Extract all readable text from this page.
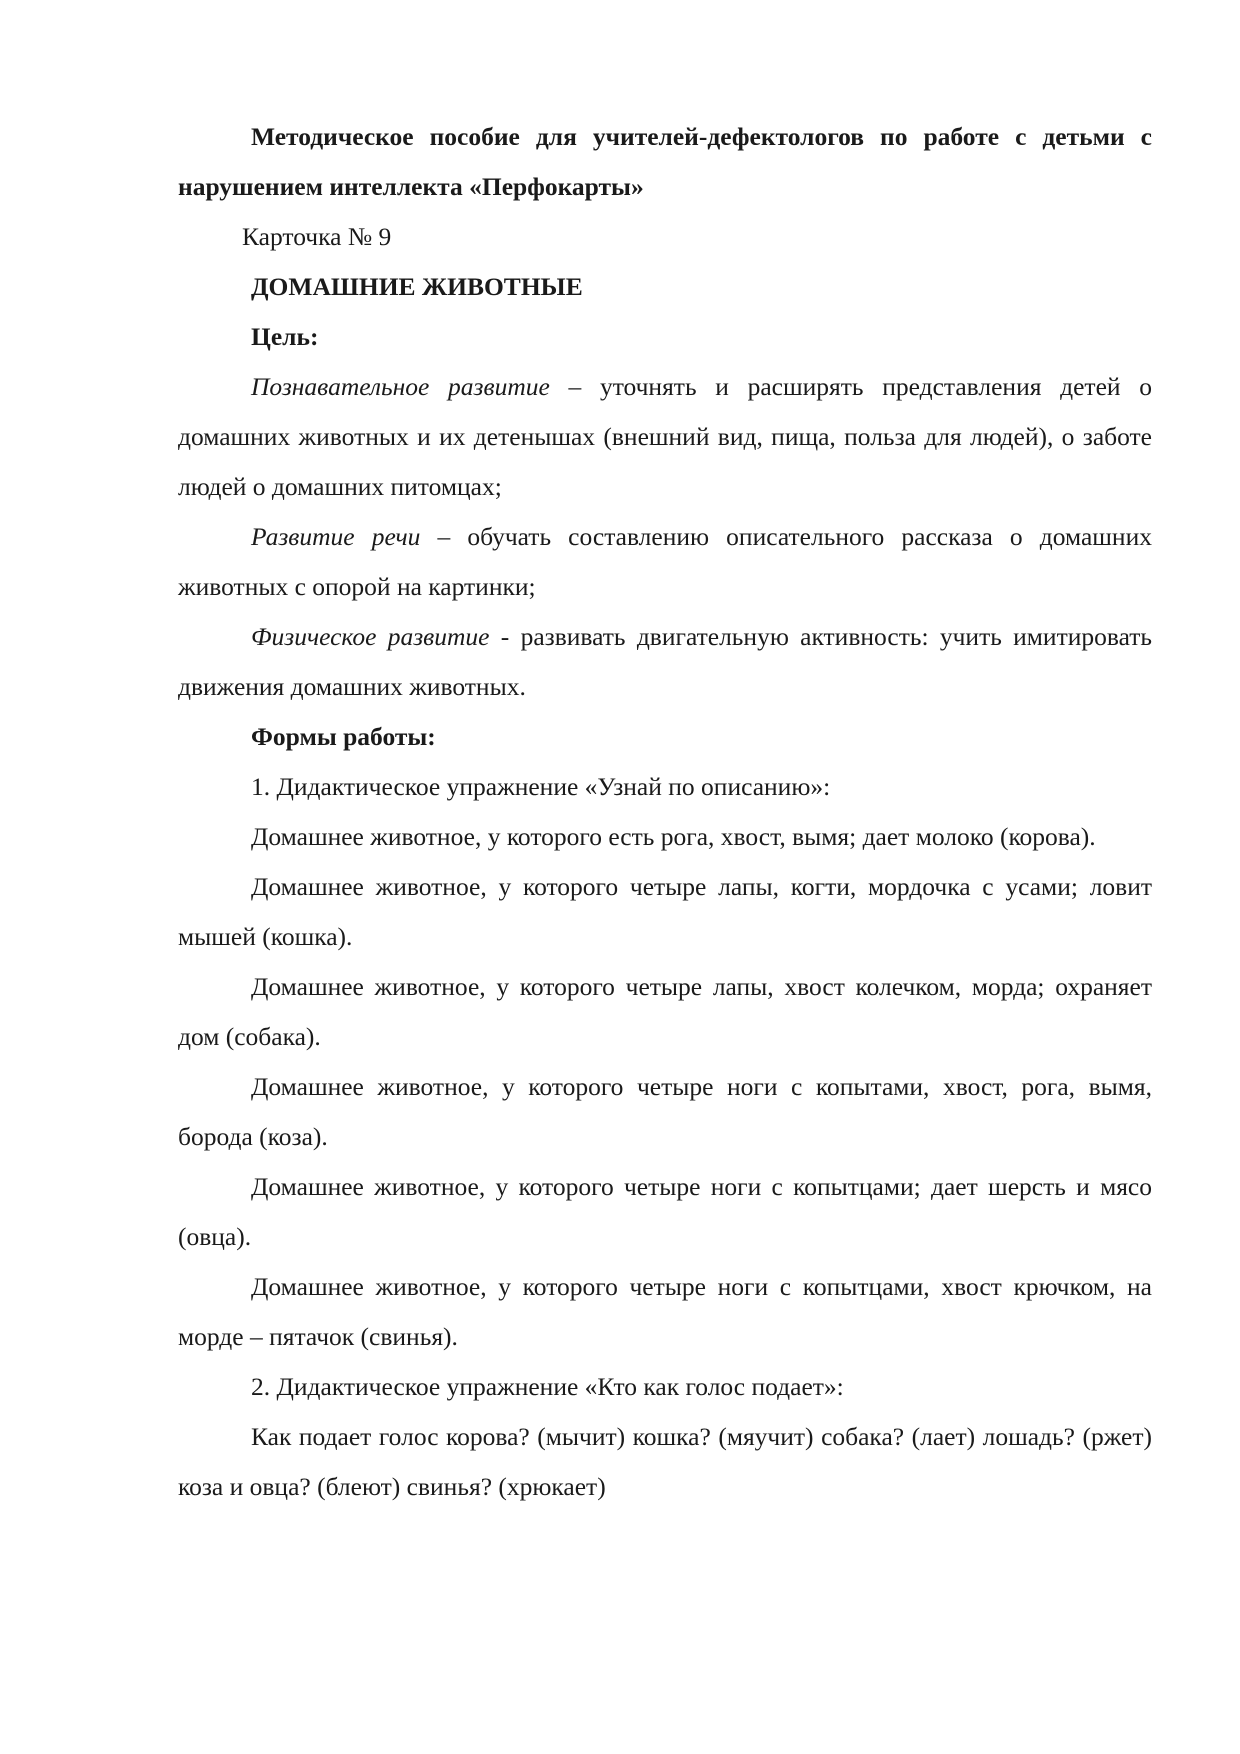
Методическое пособие для учителей-дефектологов по работе с детьми с нарушением интеллекта «Перфокарты»

Карточка № 9

ДОМАШНИЕ ЖИВОТНЫЕ

Цель:

Познавательное развитие – уточнять и расширять представления детей о домашних животных и их детенышах (внешний вид, пища, польза для людей), о заботе людей о домашних питомцах;

Развитие речи – обучать составлению описательного рассказа о домашних животных с опорой на картинки;

Физическое развитие - развивать двигательную активность: учить имитировать движения домашних животных.

Формы работы:

1. Дидактическое упражнение «Узнай по описанию»:

Домашнее животное, у которого есть рога, хвост, вымя; дает молоко (корова).

Домашнее животное, у которого четыре лапы, когти, мордочка с усами; ловит мышей (кошка).

Домашнее животное, у которого четыре лапы, хвост колечком, морда; охраняет дом (собака).

Домашнее животное, у которого четыре ноги с копытами, хвост, рога, вымя, борода (коза).

Домашнее животное, у которого четыре ноги с копытцами; дает шерсть и мясо (овца).

Домашнее животное, у которого четыре ноги с копытцами, хвост крючком, на морде – пятачок (свинья).

2. Дидактическое упражнение «Кто как голос подает»:

Как подает голос корова? (мычит) кошка? (мяучит) собака? (лает) лошадь? (ржет) коза и овца? (блеют) свинья? (хрюкает)
